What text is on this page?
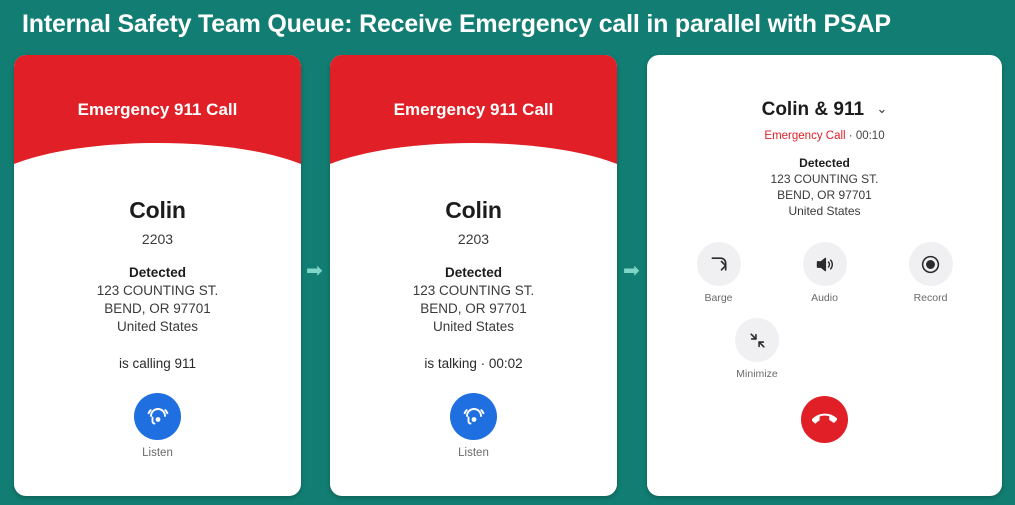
Internal Safety Team Queue: Receive Emergency call in parallel with PSAP
Emergency 911 Call
Colin
2203
Detected
123 COUNTING ST.
BEND, OR 97701
United States
is calling 911
Listen
➡
Emergency 911 Call
Colin
2203
Detected
123 COUNTING ST.
BEND, OR 97701
United States
is talking · 00:02
Listen
➡
Colin & 911 ⌄
Emergency Call · 00:10
Detected
123 COUNTING ST.
BEND, OR 97701
United States
Barge	Audio	Record
Minimize
